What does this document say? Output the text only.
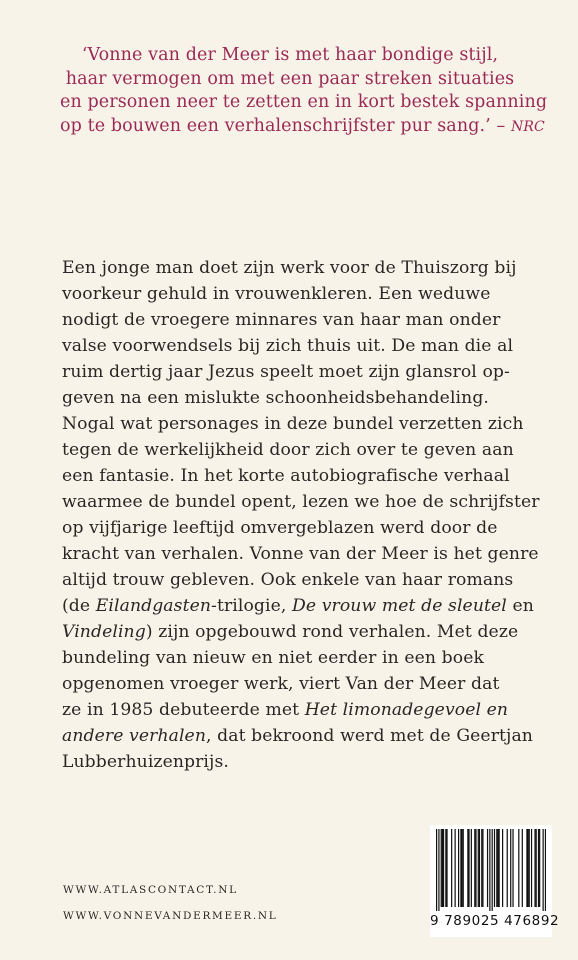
‘Vonne van der Meer is met haar bondige stijl,
haar vermogen om met een paar streken situaties
en personen neer te zetten en in kort bestek spanning
op te bouwen een verhalenschrijfster pur sang.’ – NRC
Een jonge man doet zijn werk voor de Thuiszorg bij
voorkeur gehuld in vrouwenkleren. Een weduwe
nodigt de vroegere minnares van haar man onder
valse voorwendsels bij zich thuis uit. De man die al
ruim dertig jaar Jezus speelt moet zijn glansrol op-
geven na een mislukte schoonheidsbehandeling.
Nogal wat personages in deze bundel verzetten zich
tegen de werkelijkheid door zich over te geven aan
een fantasie. In het korte autobiografische verhaal
waarmee de bundel opent, lezen we hoe de schrijfster
op vijfjarige leeftijd omvergeblazen werd door de
kracht van verhalen. Vonne van der Meer is het genre
altijd trouw gebleven. Ook enkele van haar romans
(de Eilandgasten-trilogie, De vrouw met de sleutel en
Vindeling) zijn opgebouwd rond verhalen. Met deze
bundeling van nieuw en niet eerder in een boek
opgenomen vroeger werk, viert Van der Meer dat
ze in 1985 debuteerde met Het limonadegevoel en
andere verhalen, dat bekroond werd met de Geertjan
Lubberhuizenprijs.
WWW.ATLASCONTACT.NL
WWW.VONNEVANDERMEER.NL	9 789025 476892
